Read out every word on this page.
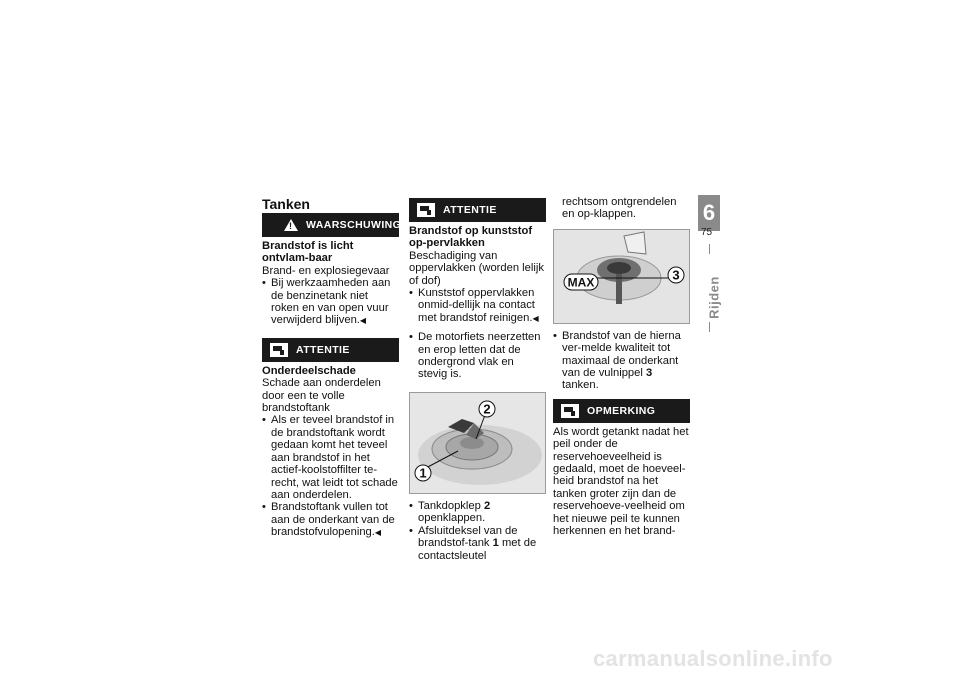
Tanken
!
WAARSCHUWING

Brandstof is licht ontvlam-baar

Brand- en explosiegevaar

• Bij werkzaamheden aan de benzinetank niet roken en van open vuur verwijderd blijven. ◀
ATTENTIE

Onderdeelschade

Schade aan onderdelen door een te volle brandstoftank

• Als er teveel brandstof in de brandstoftank wordt gedaan komt het teveel aan brandstof in het actief-koolstoffilter te-recht, wat leidt tot schade aan onderdelen.
• Brandstoftank vullen tot aan de onderkant van de brandstofvulopening. ◀
ATTENTIE

Brandstof op kunststof op-pervlakken

Beschadiging van oppervlakken (worden lelijk of dof)

• Kunststof oppervlakken onmid-dellijk na contact met brandstof reinigen. ◀
• De motorfiets neerzetten en erop letten dat de ondergrond vlak en stevig is.
2
1
• Tankdopklep 2 openklappen.
• Afsluitdeksel van de brandstof-tank 1 met de contactsleutel

rechtsom ontgrendelen en op-klappen.

MAX	3
• Brandstof van de hierna ver-melde kwaliteit tot maximaal de onderkant van de vulnippel 3 tanken.
OPMERKING

Als wordt getankt nadat het peil onder de reservehoeveelheid is gedaald, moet de hoeveel-heid brandstof na het tanken groter zijn dan de reservehoeve-veelheid om het nieuwe peil te kunnen herkennen en het brand-

6
75
Rijden
carmanualsonline.info
